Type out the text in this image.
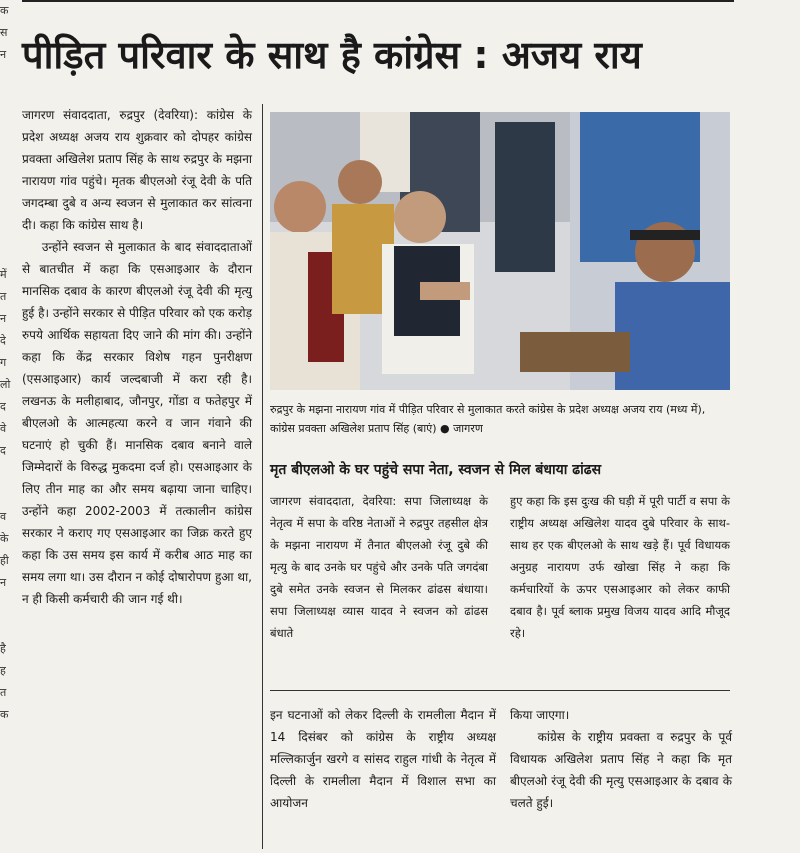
क
स
न
में
त
न
दे
ग
लो
द
वे
द
व
के
ही
न
है
ह
त
क
पीड़ित परिवार के साथ है कांग्रेस : अजय राय
जागरण संवाददाता, रुद्रपुर (देवरिया): कांग्रेस के प्रदेश अध्यक्ष अजय राय शुक्रवार को दोपहर कांग्रेस प्रवक्ता अखिलेश प्रताप सिंह के साथ रुद्रपुर के मझना नारायण गांव पहुंचे। मृतक बीएलओ रंजू देवी के पति जगदम्बा दुबे व अन्य स्वजन से मुलाकात कर सांत्वना दी। कहा कि कांग्रेस साथ है।
उन्होंने स्वजन से मुलाकात के बाद संवाददाताओं से बातचीत में कहा कि एसआइआर के दौरान मानसिक दबाव के कारण बीएलओ रंजू देवी की मृत्यु हुई है। उन्होंने सरकार से पीड़ित परिवार को एक करोड़ रुपये आर्थिक सहायता दिए जाने की मांग की। उन्होंने कहा कि केंद्र सरकार विशेष गहन पुनरीक्षण (एसआइआर) कार्य जल्दबाजी में करा रही है। लखनऊ के मलीहाबाद, जौनपुर, गोंडा व फतेहपुर में बीएलओ के आत्महत्या करने व जान गंवाने की घटनाएं हो चुकी हैं। मानसिक दबाव बनाने वाले जिम्मेदारों के विरुद्ध मुकदमा दर्ज हो। एसआइआर के लिए तीन माह का और समय बढ़ाया जाना चाहिए। उन्होंने कहा 2002-2003 में तत्कालीन कांग्रेस सरकार ने कराए गए एसआइआर का जिक्र करते हुए कहा कि उस समय इस कार्य में करीब आठ माह का समय लगा था। उस दौरान न कोई दोषारोपण हुआ था, न ही किसी कर्मचारी की जान गई थी।
रुद्रपुर के मझना नारायण गांव में पीड़ित परिवार से मुलाकात करते कांग्रेस के प्रदेश अध्यक्ष अजय राय (मध्य में), कांग्रेस प्रवक्ता अखिलेश प्रताप सिंह (बाएं) ● जागरण
मृत बीएलओ के घर पहुंचे सपा नेता, स्वजन से मिल बंधाया ढांढस
जागरण संवाददाता, देवरिया: सपा जिलाध्यक्ष के नेतृत्व में सपा के वरिष्ठ नेताओं ने रुद्रपुर तहसील क्षेत्र के मझना नारायण में तैनात बीएलओ रंजू दुबे की मृत्यु के बाद उनके घर पहुंचे और उनके पति जगदंबा दुबे समेत उनके स्वजन से मिलकर ढांढस बंधाया। सपा जिलाध्यक्ष व्यास यादव ने स्वजन को ढांढस बंधाते
हुए कहा कि इस दुःख की घड़ी में पूरी पार्टी व सपा के राष्ट्रीय अध्यक्ष अखिलेश यादव दुबे परिवार के साथ-साथ हर एक बीएलओ के साथ खड़े हैं। पूर्व विधायक अनुग्रह नारायण उर्फ खोखा सिंह ने कहा कि कर्मचारियों के ऊपर एसआइआर को लेकर काफी दबाव है। पूर्व ब्लाक प्रमुख विजय यादव आदि मौजूद रहे।
इन घटनाओं को लेकर दिल्ली के रामलीला मैदान में 14 दिसंबर को कांग्रेस के राष्ट्रीय अध्यक्ष मल्लिकार्जुन खरगे व सांसद राहुल गांधी के नेतृत्व में दिल्ली के रामलीला मैदान में विशाल सभा का आयोजन
किया जाएगा।
कांग्रेस के राष्ट्रीय प्रवक्ता व रुद्रपुर के पूर्व विधायक अखिलेश प्रताप सिंह ने कहा कि मृत बीएलओ रंजू देवी की मृत्यु एसआइआर के दबाव के चलते हुई।
